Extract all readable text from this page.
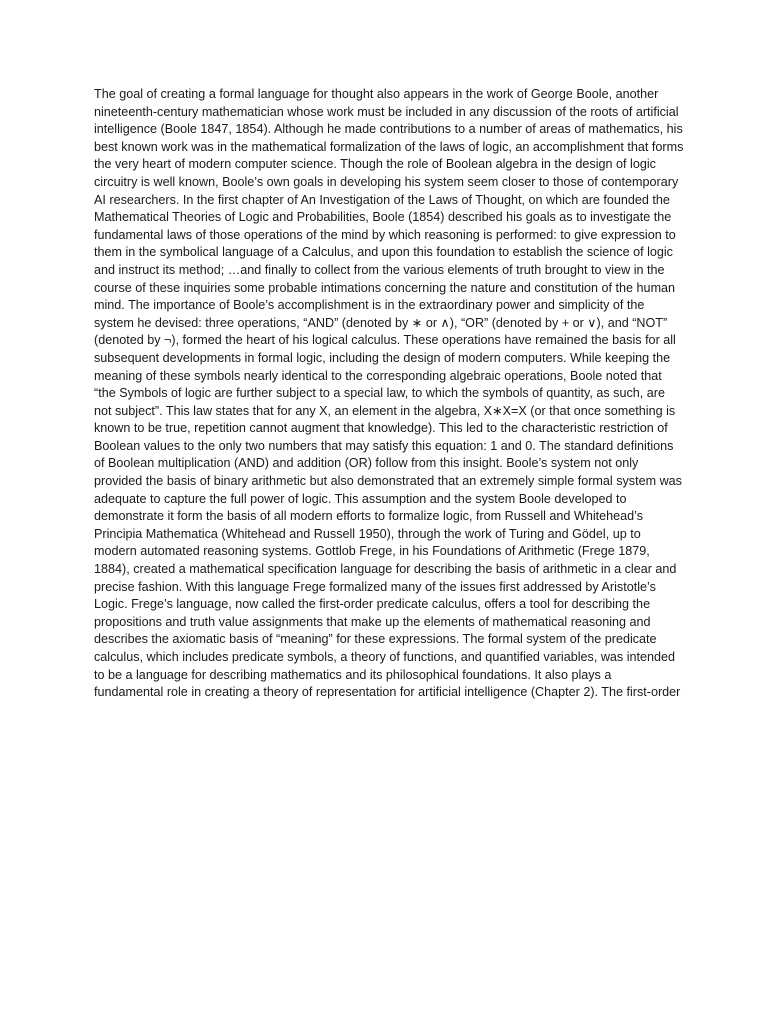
The goal of creating a formal language for thought also appears in the work of George Boole, another nineteenth-century mathematician whose work must be included in any discussion of the roots of artificial intelligence (Boole 1847, 1854). Although he made contributions to a number of areas of mathematics, his best known work was in the mathematical formalization of the laws of logic, an accomplishment that forms the very heart of modern computer science. Though the role of Boolean algebra in the design of logic circuitry is well known, Boole’s own goals in developing his system seem closer to those of contemporary AI researchers. In the first chapter of An Investigation of the Laws of Thought, on which are founded the Mathematical Theories of Logic and Probabilities, Boole (1854) described his goals as to investigate the fundamental laws of those operations of the mind by which reasoning is performed: to give expression to them in the symbolical language of a Calculus, and upon this foundation to establish the science of logic and instruct its method; …and finally to collect from the various elements of truth brought to view in the course of these inquiries some probable intimations concerning the nature and constitution of the human mind. The importance of Boole’s accomplishment is in the extraordinary power and simplicity of the system he devised: three operations, “AND” (denoted by ∗ or ∧), “OR” (denoted by + or ∨), and “NOT” (denoted by ¬), formed the heart of his logical calculus. These operations have remained the basis for all subsequent developments in formal logic, including the design of modern computers. While keeping the meaning of these symbols nearly identical to the corresponding algebraic operations, Boole noted that “the Symbols of logic are further subject to a special law, to which the symbols of quantity, as such, are not subject”. This law states that for any X, an element in the algebra, X∗X=X (or that once something is known to be true, repetition cannot augment that knowledge). This led to the characteristic restriction of Boolean values to the only two numbers that may satisfy this equation: 1 and 0. The standard definitions of Boolean multiplication (AND) and addition (OR) follow from this insight. Boole’s system not only provided the basis of binary arithmetic but also demonstrated that an extremely simple formal system was adequate to capture the full power of logic. This assumption and the system Boole developed to demonstrate it form the basis of all modern efforts to formalize logic, from Russell and Whitehead’s Principia Mathematica (Whitehead and Russell 1950), through the work of Turing and Gödel, up to modern automated reasoning systems. Gottlob Frege, in his Foundations of Arithmetic (Frege 1879, 1884), created a mathematical specification language for describing the basis of arithmetic in a clear and precise fashion. With this language Frege formalized many of the issues first addressed by Aristotle’s Logic. Frege’s language, now called the first-order predicate calculus, offers a tool for describing the propositions and truth value assignments that make up the elements of mathematical reasoning and describes the axiomatic basis of “meaning” for these expressions. The formal system of the predicate calculus, which includes predicate symbols, a theory of functions, and quantified variables, was intended to be a language for describing mathematics and its philosophical foundations. It also plays a fundamental role in creating a theory of representation for artificial intelligence (Chapter 2). The first-order
